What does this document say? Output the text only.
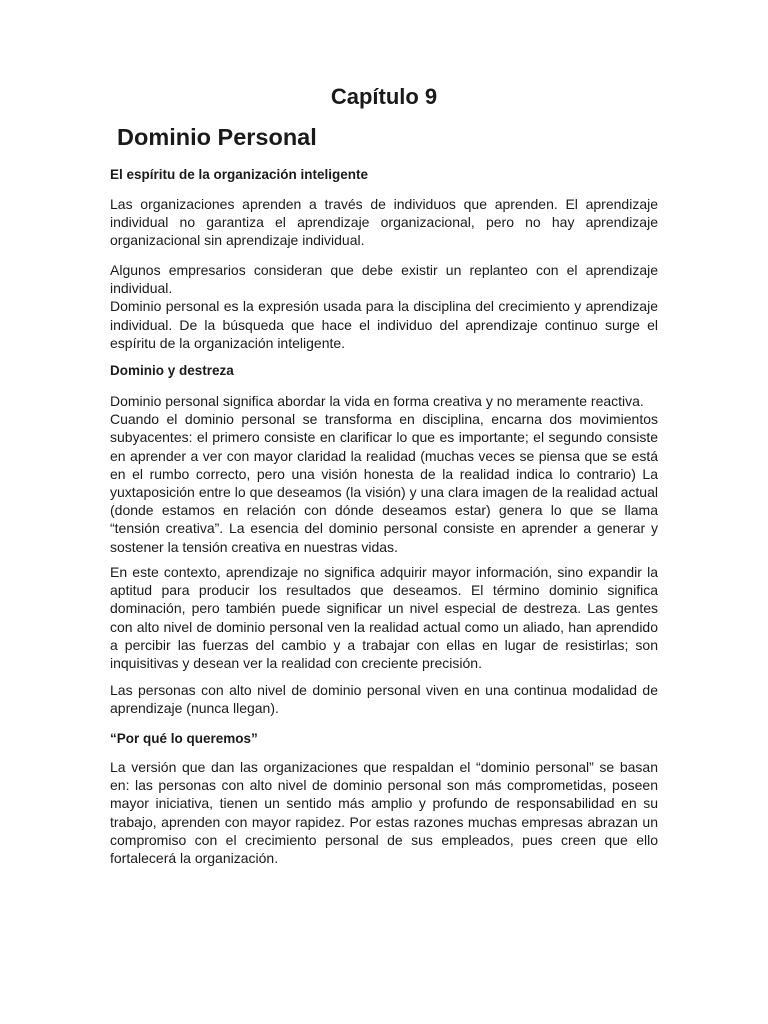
Capítulo 9
Dominio Personal

El espíritu de la organización inteligente

Las organizaciones aprenden a través de individuos que aprenden. El aprendizaje individual no garantiza el aprendizaje organizacional, pero no hay aprendizaje organizacional sin aprendizaje individual.

Algunos empresarios consideran que debe existir un replanteo con el aprendizaje individual.

Dominio personal es la expresión usada para la disciplina del crecimiento y aprendizaje individual. De la búsqueda que hace el individuo del aprendizaje continuo surge el espíritu de la organización inteligente.

Dominio y destreza

Dominio personal significa abordar la vida en forma creativa y no meramente reactiva.

Cuando el dominio personal se transforma en disciplina, encarna dos movimientos subyacentes: el primero consiste en clarificar lo que es importante; el segundo consiste en aprender a ver con mayor claridad la realidad (muchas veces se piensa que se está en el rumbo correcto, pero una visión honesta de la realidad indica lo contrario) La yuxtaposición entre lo que deseamos (la visión) y una clara imagen de la realidad actual (donde estamos en relación con dónde deseamos estar) genera lo que se llama “tensión creativa”. La esencia del dominio personal consiste en aprender a generar y sostener la tensión creativa en nuestras vidas.

En este contexto, aprendizaje no significa adquirir mayor información, sino expandir la aptitud para producir los resultados que deseamos. El término dominio significa dominación, pero también puede significar un nivel especial de destreza. Las gentes con alto nivel de dominio personal ven la realidad actual como un aliado, han aprendido a percibir las fuerzas del cambio y a trabajar con ellas en lugar de resistirlas; son inquisitivas y desean ver la realidad con creciente precisión.

Las personas con alto nivel de dominio personal viven en una continua modalidad de aprendizaje (nunca llegan).

“Por qué lo queremos”

La versión que dan las organizaciones que respaldan el “dominio personal” se basan en: las personas con alto nivel de dominio personal son más comprometidas, poseen mayor iniciativa, tienen un sentido más amplio y profundo de responsabilidad en su trabajo, aprenden con mayor rapidez. Por estas razones muchas empresas abrazan un compromiso con el crecimiento personal de sus empleados, pues creen que ello fortalecerá la organización.
